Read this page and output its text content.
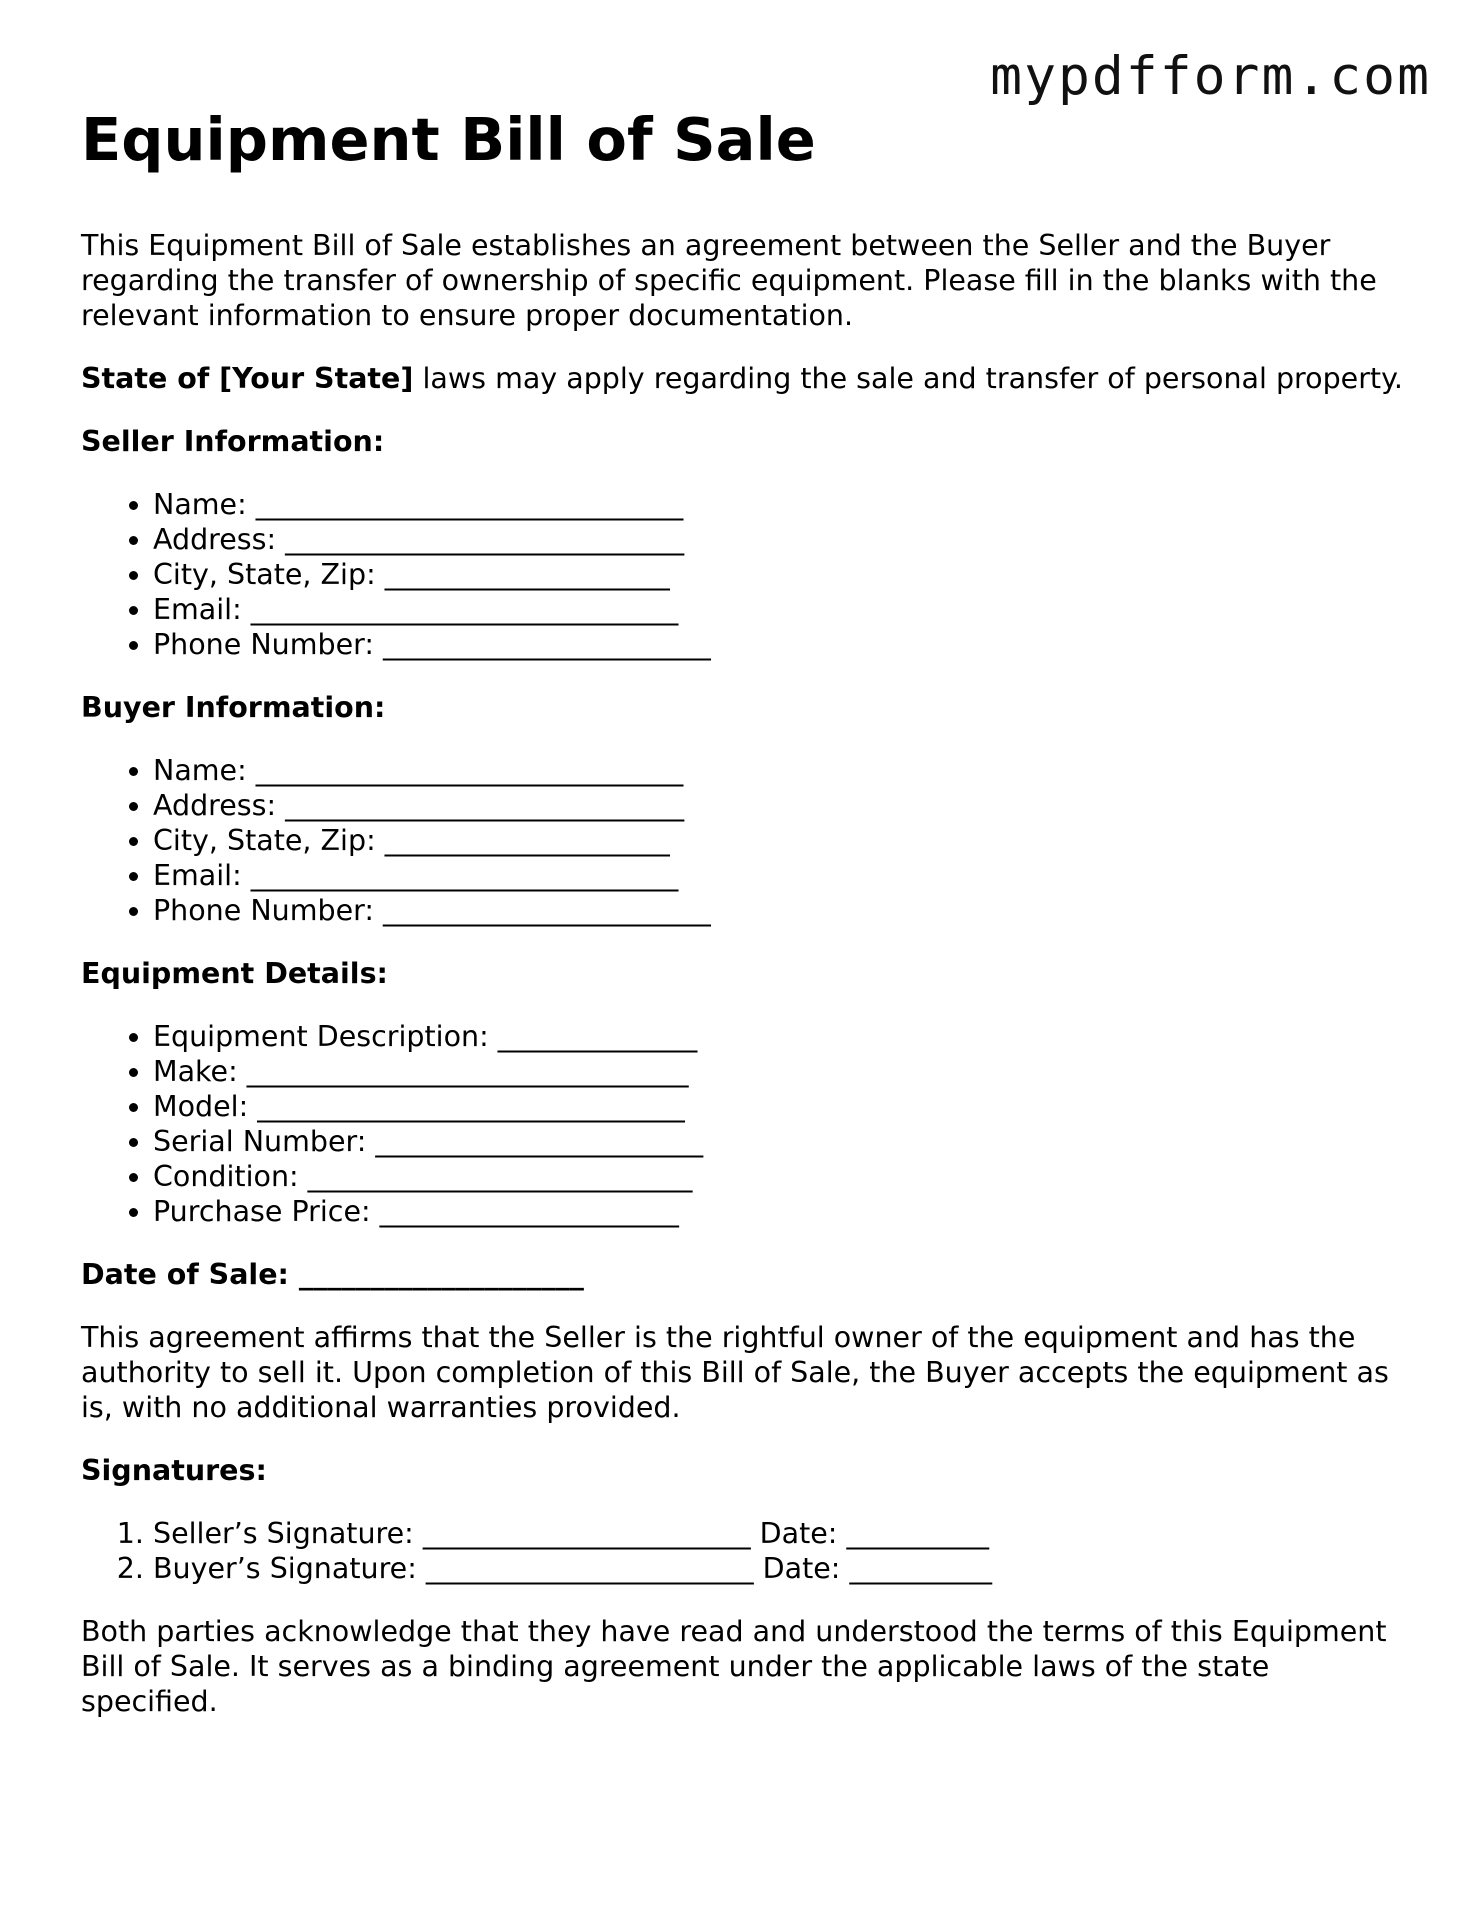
mypdfform.com
Equipment Bill of Sale

This Equipment Bill of Sale establishes an agreement between the Seller and the Buyer regarding the transfer of ownership of specific equipment. Please fill in the blanks with the relevant information to ensure proper documentation.

State of [Your State] laws may apply regarding the sale and transfer of personal property.

Seller Information:
• Name: ______________________________
• Address: ____________________________
• City, State, Zip: ____________________
• Email: ______________________________
• Phone Number: _______________________
Buyer Information:
• Name: ______________________________
• Address: ____________________________
• City, State, Zip: ____________________
• Email: ______________________________
• Phone Number: _______________________
Equipment Details:
• Equipment Description: ______________
• Make: _______________________________
• Model: ______________________________
• Serial Number: _______________________
• Condition: ___________________________
• Purchase Price: _____________________
Date of Sale: ____________________

This agreement affirms that the Seller is the rightful owner of the equipment and has the authority to sell it. Upon completion of this Bill of Sale, the Buyer accepts the equipment as is, with no additional warranties provided.

Signatures:
1. Seller’s Signature: _______________________ Date: __________
2. Buyer’s Signature: _______________________ Date: __________

Both parties acknowledge that they have read and understood the terms of this Equipment Bill of Sale. It serves as a binding agreement under the applicable laws of the state specified.
